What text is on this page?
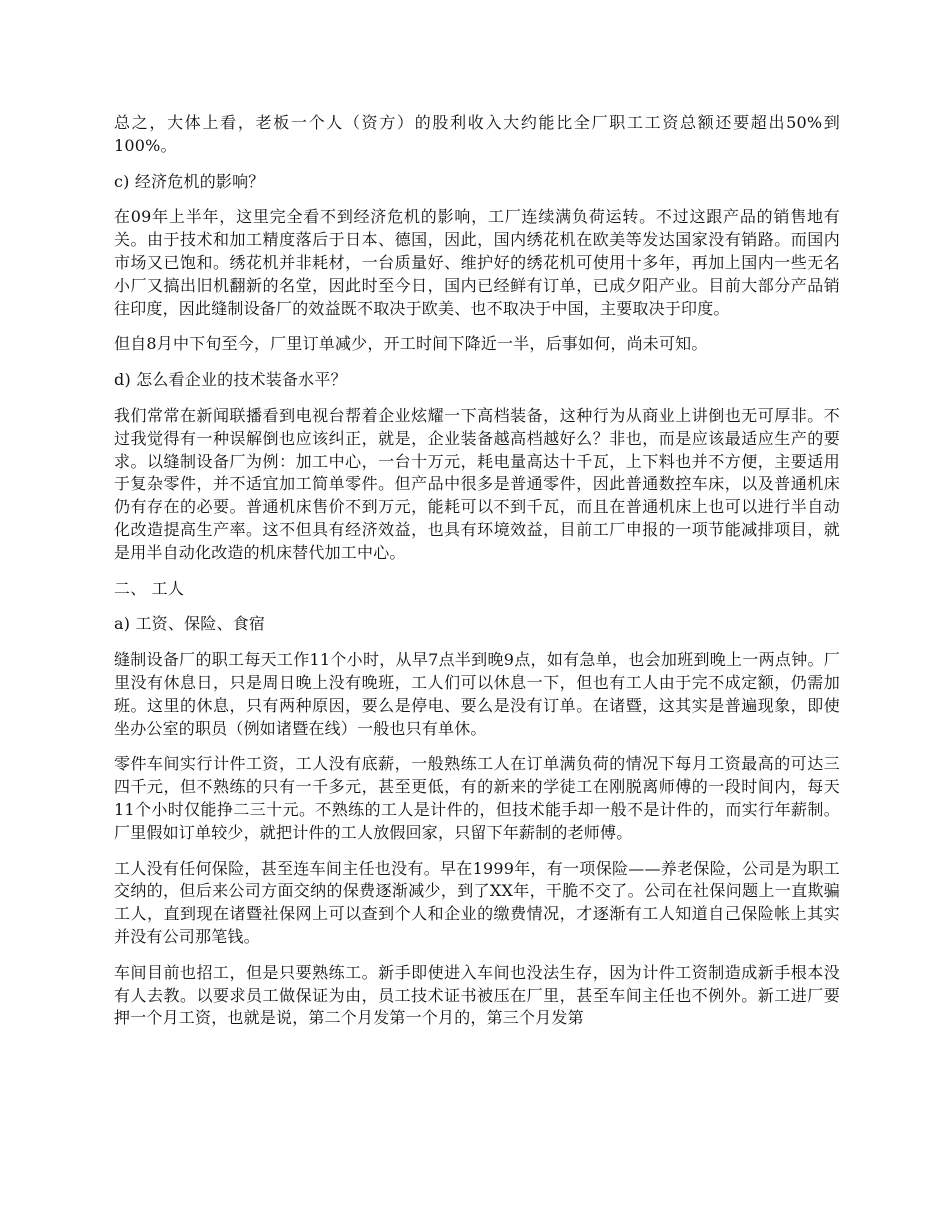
总之，大体上看，老板一个人（资方）的股利收入大约能比全厂职工工资总额还要超出50%到100%。

c) 经济危机的影响？

在09年上半年，这里完全看不到经济危机的影响，工厂连续满负荷运转。不过这跟产品的销售地有关。由于技术和加工精度落后于日本、德国，因此，国内绣花机在欧美等发达国家没有销路。而国内市场又已饱和。绣花机并非耗材，一台质量好、维护好的绣花机可使用十多年，再加上国内一些无名小厂又搞出旧机翻新的名堂，因此时至今日，国内已经鲜有订单，已成夕阳产业。目前大部分产品销往印度，因此缝制设备厂的效益既不取决于欧美、也不取决于中国，主要取决于印度。

但自8月中下旬至今，厂里订单减少，开工时间下降近一半，后事如何，尚未可知。

d) 怎么看企业的技术装备水平？

我们常常在新闻联播看到电视台帮着企业炫耀一下高档装备，这种行为从商业上讲倒也无可厚非。不过我觉得有一种误解倒也应该纠正，就是，企业装备越高档越好么？非也，而是应该最适应生产的要求。以缝制设备厂为例：加工中心，一台十万元，耗电量高达十千瓦，上下料也并不方便，主要适用于复杂零件，并不适宜加工简单零件。但产品中很多是普通零件，因此普通数控车床，以及普通机床仍有存在的必要。普通机床售价不到万元，能耗可以不到千瓦，而且在普通机床上也可以进行半自动化改造提高生产率。这不但具有经济效益，也具有环境效益，目前工厂申报的一项节能减排项目，就是用半自动化改造的机床替代加工中心。

二、 工人

a) 工资、保险、食宿

缝制设备厂的职工每天工作11个小时，从早7点半到晚9点，如有急单，也会加班到晚上一两点钟。厂里没有休息日，只是周日晚上没有晚班，工人们可以休息一下，但也有工人由于完不成定额，仍需加班。这里的休息，只有两种原因，要么是停电、要么是没有订单。在诸暨，这其实是普遍现象，即使坐办公室的职员（例如诸暨在线）一般也只有单休。

零件车间实行计件工资，工人没有底薪，一般熟练工人在订单满负荷的情况下每月工资最高的可达三四千元，但不熟练的只有一千多元，甚至更低，有的新来的学徒工在刚脱离师傅的一段时间内，每天11个小时仅能挣二三十元。不熟练的工人是计件的，但技术能手却一般不是计件的，而实行年薪制。厂里假如订单较少，就把计件的工人放假回家，只留下年薪制的老师傅。

工人没有任何保险，甚至连车间主任也没有。早在1999年，有一项保险——养老保险，公司是为职工交纳的，但后来公司方面交纳的保费逐渐减少，到了XX年，干脆不交了。公司在社保问题上一直欺骗工人，直到现在诸暨社保网上可以查到个人和企业的缴费情况，才逐渐有工人知道自己保险帐上其实并没有公司那笔钱。

车间目前也招工，但是只要熟练工。新手即使进入车间也没法生存，因为计件工资制造成新手根本没有人去教。以要求员工做保证为由，员工技术证书被压在厂里，甚至车间主任也不例外。新工进厂要押一个月工资，也就是说，第二个月发第一个月的，第三个月发第
